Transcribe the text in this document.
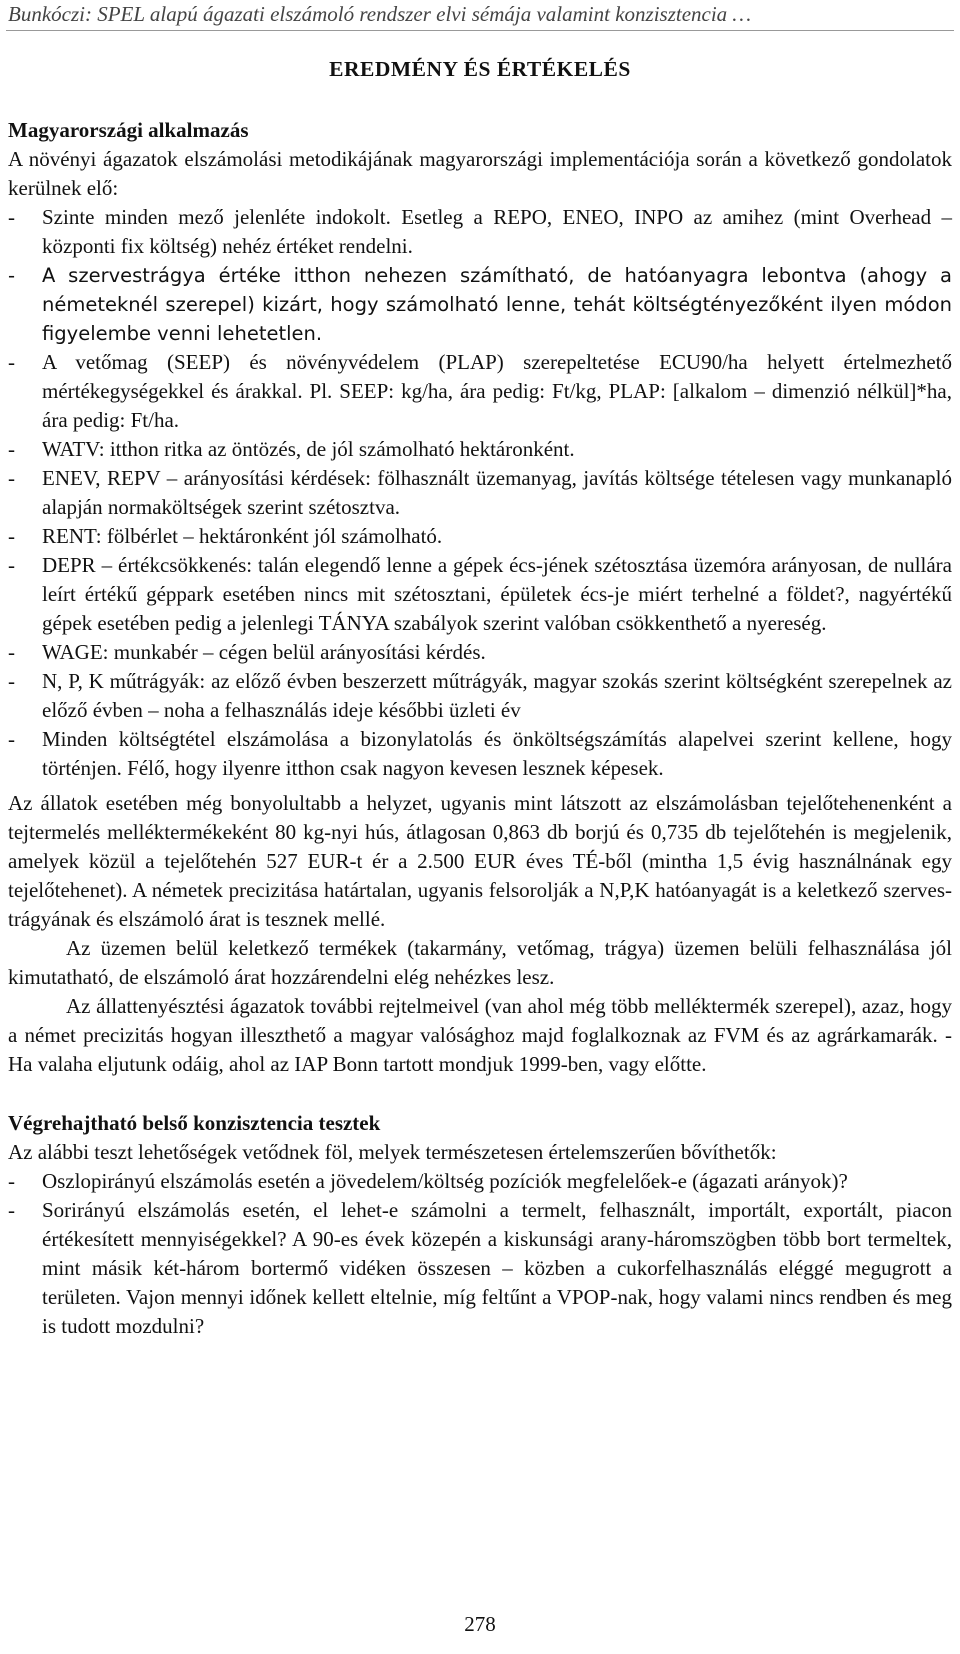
Bunkóczi: SPEL alapú ágazati elszámoló rendszer elvi sémája valamint konzisztencia …
EREDMÉNY ÉS ÉRTÉKELÉS

Magyarországi alkalmazás

A növényi ágazatok elszámolási metodikájának magyarországi implementációja során a következő gondolatok kerülnek elő:

- Szinte minden mező jelenléte indokolt. Esetleg a REPO, ENEO, INPO az amihez (mint Overhead – központi fix költség) nehéz értéket rendelni.
- A szervestrágya értéke itthon nehezen számítható, de hatóanyagra lebontva (ahogy a németeknél szerepel) kizárt, hogy számolható lenne, tehát költségtényezőként ilyen módon figyelembe venni lehetetlen.
- A vetőmag (SEEP) és növényvédelem (PLAP) szerepeltetése ECU90/ha helyett értelmezhető mértékegységekkel és árakkal. Pl. SEEP: kg/ha, ára pedig: Ft/kg, PLAP: [alkalom – dimenzió nélkül]*ha, ára pedig: Ft/ha.
- WATV: itthon ritka az öntözés, de jól számolható hektáronként.
- ENEV, REPV – arányosítási kérdések: fölhasznált üzemanyag, javítás költsége tételesen vagy munkanapló alapján normaköltségek szerint szétosztva.
- RENT: fölbérlet – hektáronként jól számolható.
- DEPR – értékcsökkenés: talán elegendő lenne a gépek écs-jének szétosztása üzemóra arányosan, de nullára leírt értékű géppark esetében nincs mit szétosztani, épületek écs-je miért terhelné a földet?, nagyértékű gépek esetében pedig a jelenlegi TÁNYA szabályok szerint valóban csökkenthető a nyereség.
- WAGE: munkabér – cégen belül arányosítási kérdés.
- N, P, K műtrágyák: az előző évben beszerzett műtrágyák, magyar szokás szerint költségként szerepelnek az előző évben – noha a felhasználás ideje későbbi üzleti év
- Minden költségtétel elszámolása a bizonylatolás és önköltségszámítás alapelvei szerint kellene, hogy történjen. Félő, hogy ilyenre itthon csak nagyon kevesen lesznek képesek.

Az állatok esetében még bonyolultabb a helyzet, ugyanis mint látszott az elszámolásban tejelőtehenenként a tejtermelés melléktermékeként 80 kg-nyi hús, átlagosan 0,863 db borjú és 0,735 db tejelőtehén is megjelenik, amelyek közül a tejelőtehén 527 EUR-t ér a 2.500 EUR éves TÉ-ből (mintha 1,5 évig használnának egy tejelőtehenet). A németek precizitása határtalan, ugyanis felsorolják a N,P,K hatóanyagát is a keletkező szerves-trágyának és elszámoló árat is tesznek mellé.

Az üzemen belül keletkező termékek (takarmány, vetőmag, trágya) üzemen belüli felhasználása jól kimutatható, de elszámoló árat hozzárendelni elég nehézkes lesz.

Az állattenyésztési ágazatok további rejtelmeivel (van ahol még több melléktermék szerepel), azaz, hogy a német precizitás hogyan illeszthető a magyar valósághoz majd foglalkoznak az FVM és az agrárkamarák. - Ha valaha eljutunk odáig, ahol az IAP Bonn tartott mondjuk 1999-ben, vagy előtte.

Végrehajtható belső konzisztencia tesztek

Az alábbi teszt lehetőségek vetődnek föl, melyek természetesen értelemszerűen bővíthetők:

- Oszlopirányú elszámolás esetén a jövedelem/költség pozíciók megfelelőek-e (ágazati arányok)?
- Sorirányú elszámolás esetén, el lehet-e számolni a termelt, felhasznált, importált, exportált, piacon értékesített mennyiségekkel? A 90-es évek közepén a kiskunsági arany-háromszögben több bort termeltek, mint másik két-három bortermő vidéken összesen – közben a cukorfelhasználás eléggé megugrott a területen. Vajon mennyi időnek kellett eltelnie, míg feltűnt a VPOP-nak, hogy valami nincs rendben és meg is tudott mozdulni?
278
